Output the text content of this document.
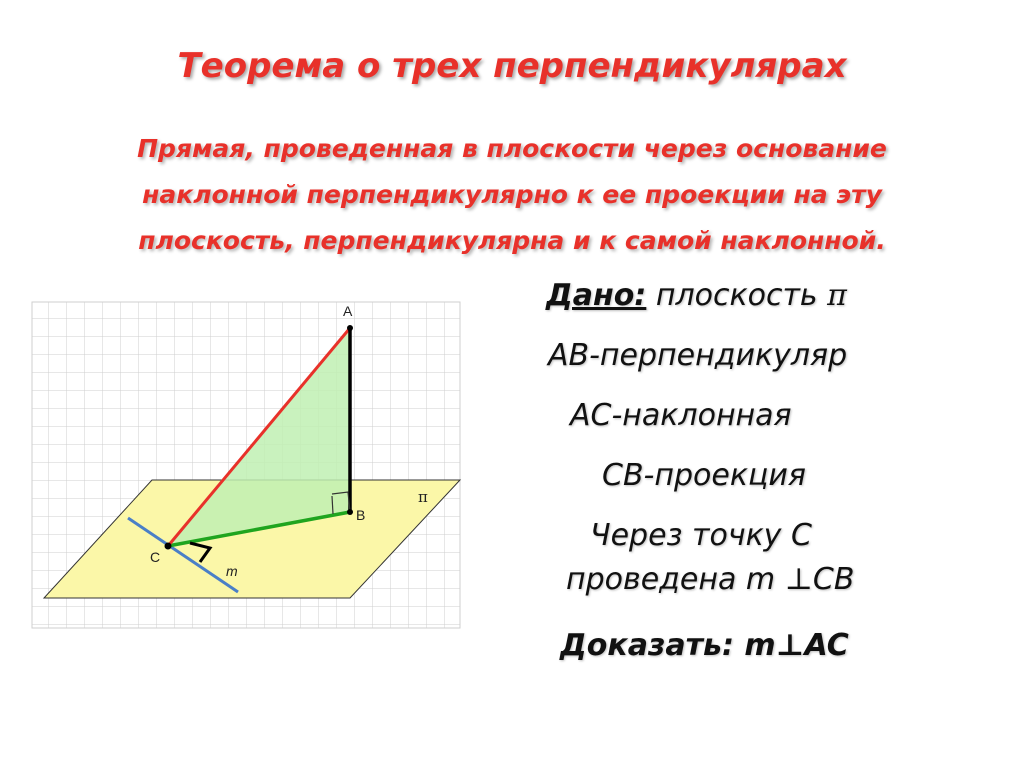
Теорема о трех перпендикулярах
Прямая, проведенная в плоскости через основание
наклонной перпендикулярно к ее проекции на эту
плоскость, перпендикулярна и к самой наклонной.
A
B
C
π
m
Дано: плоскость π
АВ-перпендикуляр
АС-наклонная
СВ-проекция
Через точку С
проведена m ⊥CB
Доказать: m⊥AC
